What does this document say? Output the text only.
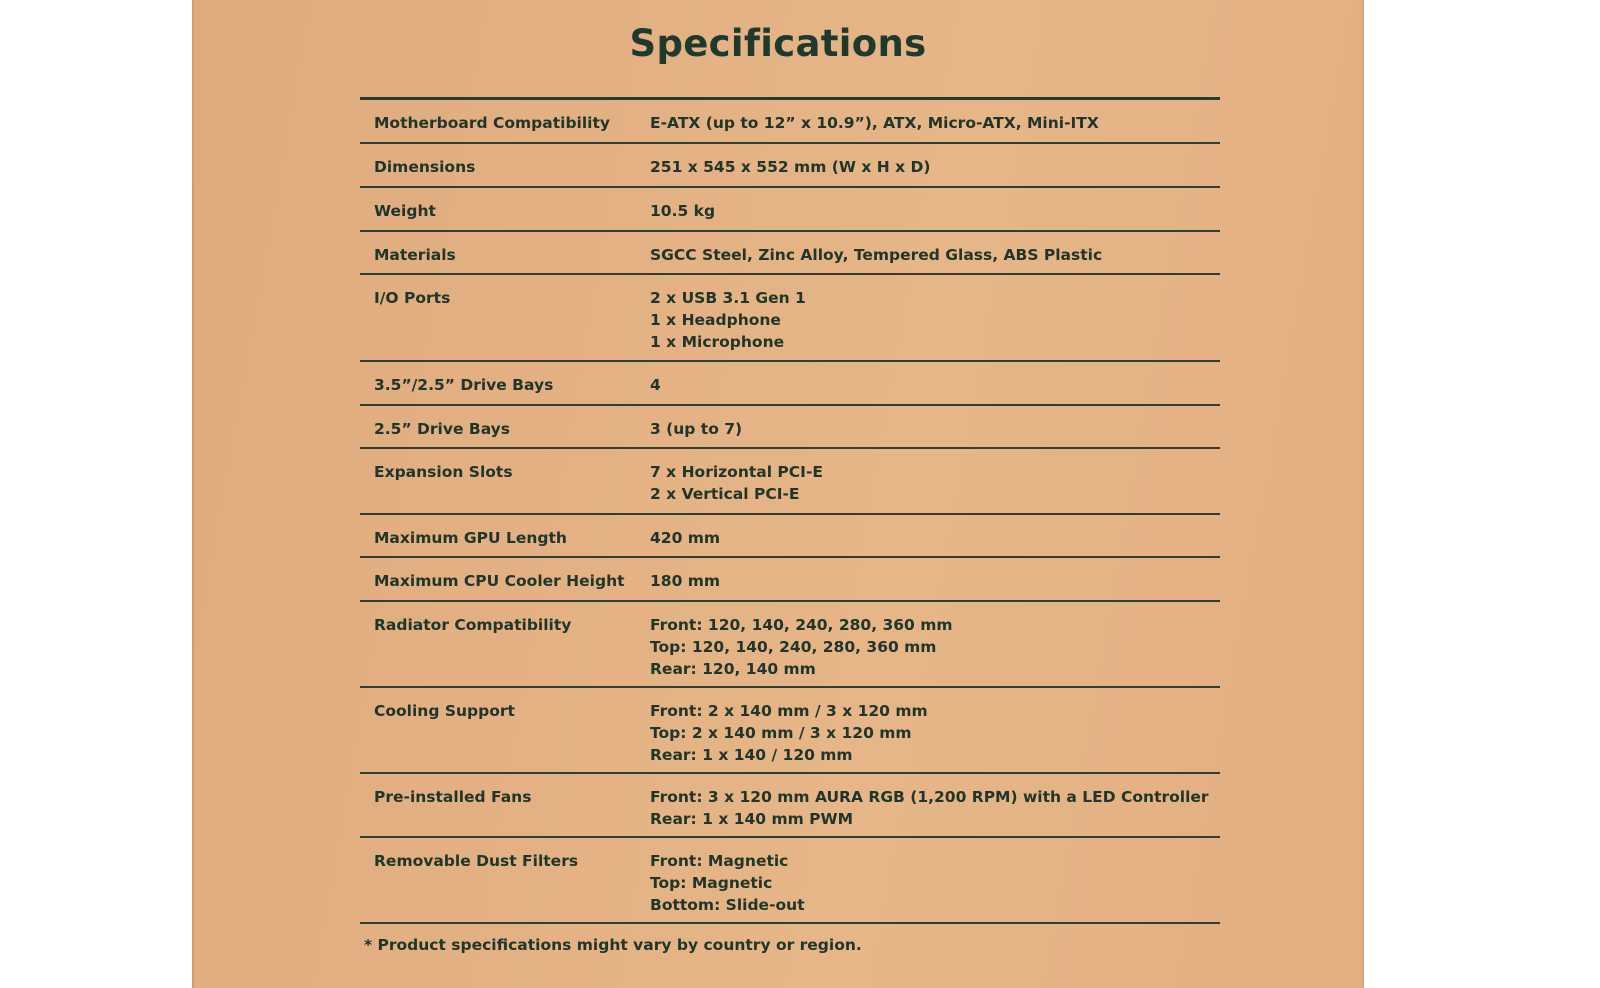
Specifications
Motherboard Compatibility	E-ATX (up to 12” x 10.9”), ATX, Micro-ATX, Mini-ITX
Dimensions	251 x 545 x 552 mm (W x H x D)
Weight	10.5 kg
Materials	SGCC Steel, Zinc Alloy, Tempered Glass, ABS Plastic
I/O Ports	2 x USB 3.1 Gen 1
1 x Headphone
1 x Microphone
3.5”/2.5” Drive Bays	4
2.5” Drive Bays	3 (up to 7)
Expansion Slots	7 x Horizontal PCI-E
2 x Vertical PCI-E
Maximum GPU Length	420 mm
Maximum CPU Cooler Height	180 mm
Radiator Compatibility	Front: 120, 140, 240, 280, 360 mm
Top: 120, 140, 240, 280, 360 mm
Rear: 120, 140 mm
Cooling Support	Front: 2 x 140 mm / 3 x 120 mm
Top: 2 x 140 mm / 3 x 120 mm
Rear: 1 x 140 / 120 mm
Pre-installed Fans	Front: 3 x 120 mm AURA RGB (1,200 RPM) with a LED Controller
Rear: 1 x 140 mm PWM
Removable Dust Filters	Front: Magnetic
Top: Magnetic
Bottom: Slide-out
* Product specifications might vary by country or region.
